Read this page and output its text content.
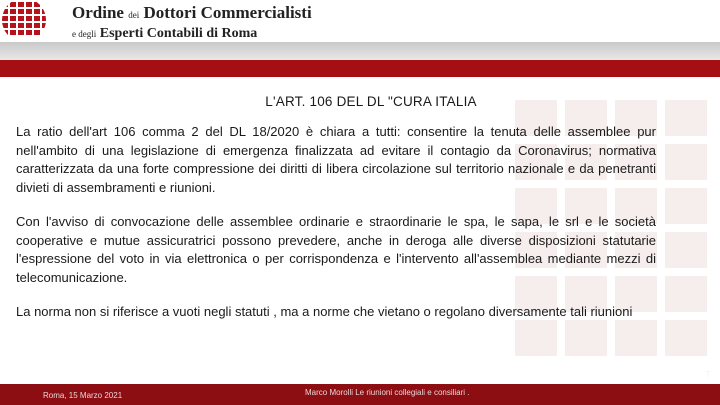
Ordine dei Dottori Commercialisti
e degli Esperti Contabili di Roma
L'ART. 106 DEL DL "CURA ITALIA

La ratio dell'art 106 comma 2 del DL 18/2020 è chiara a tutti: consentire la tenuta delle assemblee pur nell'ambito di una legislazione di emergenza finalizzata ad evitare il contagio da Coronavirus; normativa caratterizzata da una forte compressione dei diritti di libera circolazione sul territorio nazionale e da penetranti divieti di assembramenti e riunioni.

Con l'avviso di convocazione delle assemblee ordinarie e straordinarie le spa, le sapa, le srl e le società cooperative e mutue assicuratrici possono prevedere, anche in deroga alle diverse disposizioni statutarie l'espressione del voto in via elettronica o per corrispondenza e l'intervento all'assemblea mediante mezzi di telecomunicazione.

La norma non si riferisce a vuoti negli statuti , ma a norme che vietano o regolano diversamente tali riunioni

7
Roma, 15 Marzo 2021	Marco Morolli Le riunioni collegiali e consiliari .
